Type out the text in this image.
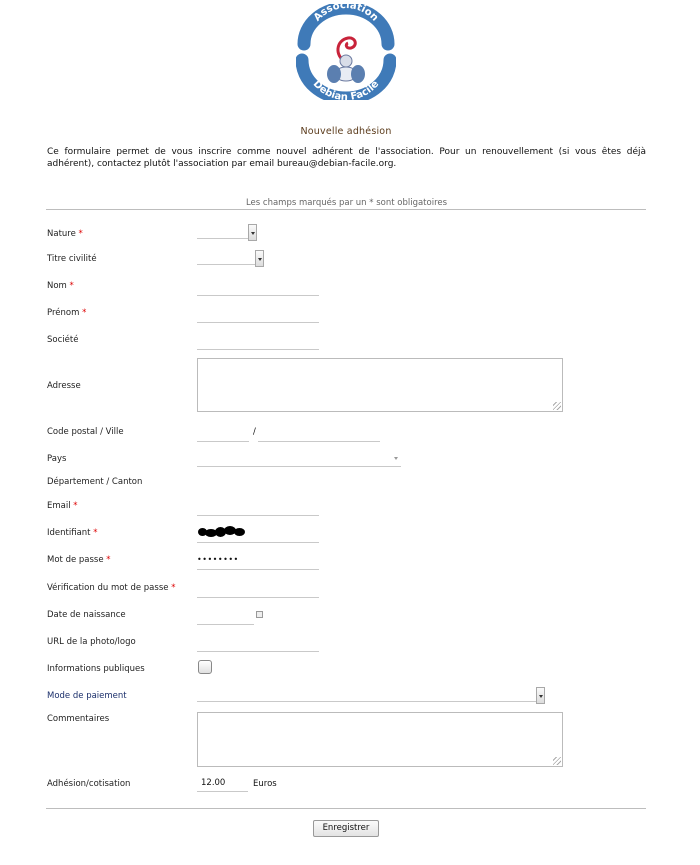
Association
Debian Facile
Nouvelle adhésion
Ce formulaire permet de vous inscrire comme nouvel adhérent de l'association. Pour un renouvellement (si vous êtes déjà adhérent), contactez plutôt l'association par email bureau@debian-facile.org.
Les champs marqués par un * sont obligatoires
Nature *
Titre civilité
Nom *
Prénom *
Société
Adresse
Code postal / Ville	/
Pays
Département / Canton
Email *
Identifiant *
Mot de passe *	••••••••
Vérification du mot de passe *
Date de naissance
URL de la photo/logo
Informations publiques
Mode de paiement
Commentaires
Adhésion/cotisation	12.00	Euros
Enregistrer
